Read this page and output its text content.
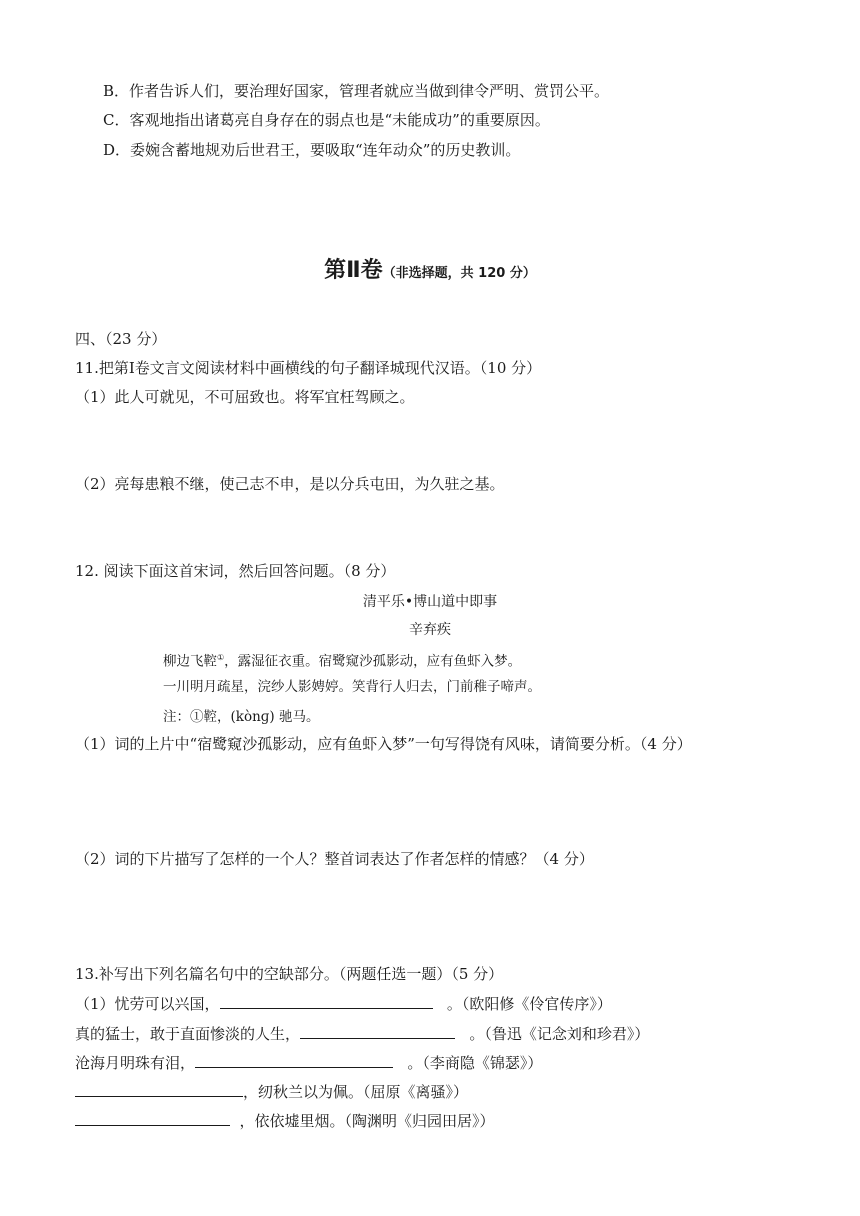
B．作者告诉人们，要治理好国家，管理者就应当做到律令严明、赏罚公平。
C．客观地指出诸葛亮自身存在的弱点也是“未能成功”的重要原因。
D．委婉含蓄地规劝后世君王，要吸取“连年动众”的历史教训。
第Ⅱ卷（非选择题，共 120 分）
四、（23 分）
11.把第Ⅰ卷文言文阅读材料中画横线的句子翻译城现代汉语。（10 分）
（1）此人可就见，不可屈致也。将军宜枉驾顾之。
（2）亮每患粮不继，使己志不申，是以分兵屯田，为久驻之基。
12. 阅读下面这首宋词，然后回答问题。（8 分）
清平乐•博山道中即事
辛弃疾
柳边飞鞚①，露湿征衣重。宿鹭窥沙孤影动，应有鱼虾入梦。
一川明月疏星，浣纱人影娉婷。笑背行人归去，门前稚子啼声。
注：①鞚，(kònɡ) 驰马。
（1）词的上片中“宿鹭窥沙孤影动，应有鱼虾入梦”一句写得饶有风味，请简要分析。（4 分）
（2）词的下片描写了怎样的一个人？整首词表达了作者怎样的情感？（4 分）
13.补写出下列名篇名句中的空缺部分。（两题任选一题）（5 分）
（1）忧劳可以兴国，	。（欧阳修《伶官传序》）
真的猛士，敢于直面惨淡的人生，	。（鲁迅《记念刘和珍君》）
沧海月明珠有泪，	。（李商隐《锦瑟》）
，纫秋兰以为佩。（屈原《离骚》）
，依依墟里烟。（陶渊明《归园田居》）
